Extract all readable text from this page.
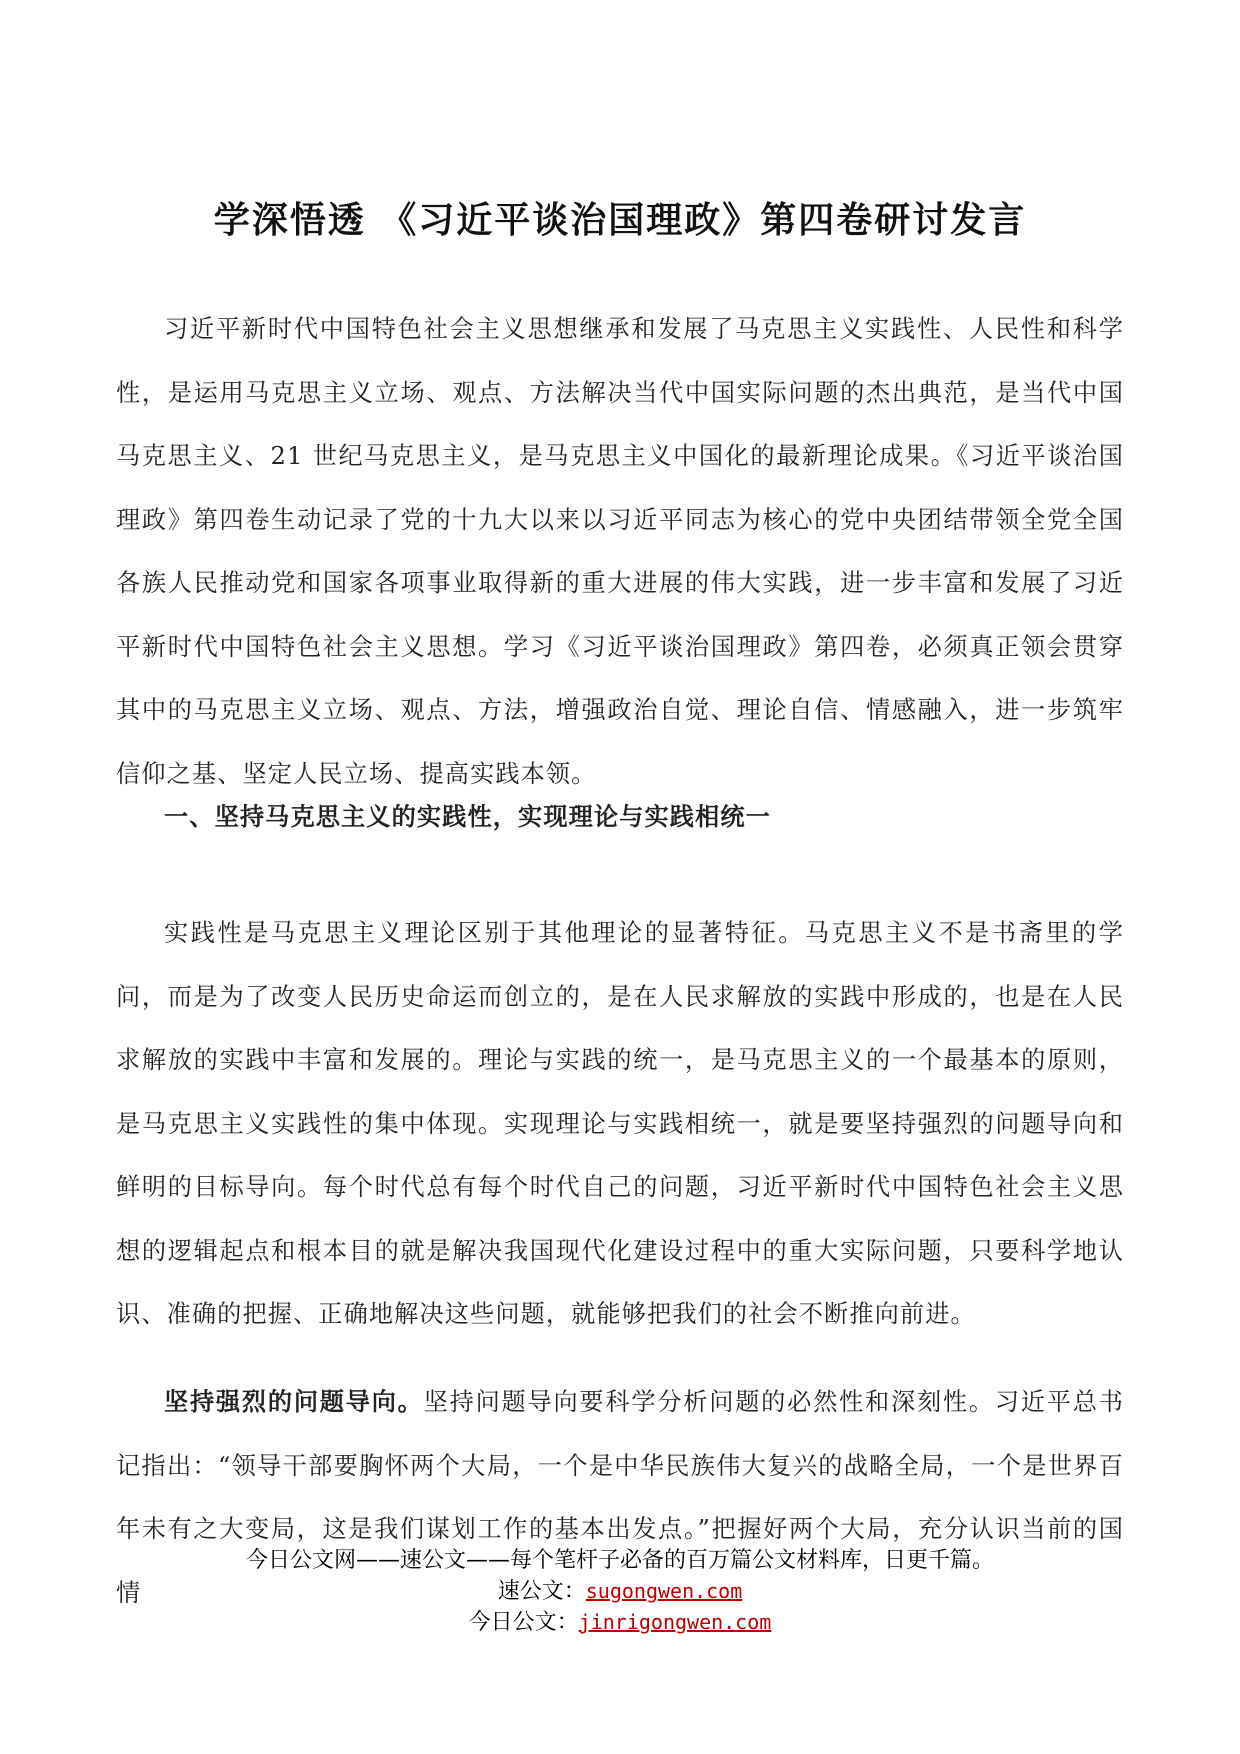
学深悟透 《习近平谈治国理政》第四卷研讨发言
习近平新时代中国特色社会主义思想继承和发展了马克思主义实践性、人民性和科学性，是运用马克思主义立场、观点、方法解决当代中国实际问题的杰出典范，是当代中国马克思主义、21 世纪马克思主义，是马克思主义中国化的最新理论成果。《习近平谈治国理政》第四卷生动记录了党的十九大以来以习近平同志为核心的党中央团结带领全党全国各族人民推动党和国家各项事业取得新的重大进展的伟大实践，进一步丰富和发展了习近平新时代中国特色社会主义思想。学习《习近平谈治国理政》第四卷，必须真正领会贯穿其中的马克思主义立场、观点、方法，增强政治自觉、理论自信、情感融入，进一步筑牢信仰之基、坚定人民立场、提高实践本领。
一、坚持马克思主义的实践性，实现理论与实践相统一
实践性是马克思主义理论区别于其他理论的显著特征。马克思主义不是书斋里的学问，而是为了改变人民历史命运而创立的，是在人民求解放的实践中形成的，也是在人民求解放的实践中丰富和发展的。理论与实践的统一，是马克思主义的一个最基本的原则，是马克思主义实践性的集中体现。实现理论与实践相统一，就是要坚持强烈的问题导向和鲜明的目标导向。每个时代总有每个时代自己的问题，习近平新时代中国特色社会主义思想的逻辑起点和根本目的就是解决我国现代化建设过程中的重大实际问题，只要科学地认识、准确的把握、正确地解决这些问题，就能够把我们的社会不断推向前进。
坚持强烈的问题导向。坚持问题导向要科学分析问题的必然性和深刻性。习近平总书记指出：“领导干部要胸怀两个大局，一个是中华民族伟大复兴的战略全局，一个是世界百年未有之大变局，这是我们谋划工作的基本出发点。”把握好两个大局，充分认识当前的国情
今日公文网——速公文——每个笔杆子必备的百万篇公文材料库，日更千篇。
速公文：sugongwen.com
今日公文：jinrigongwen.com
